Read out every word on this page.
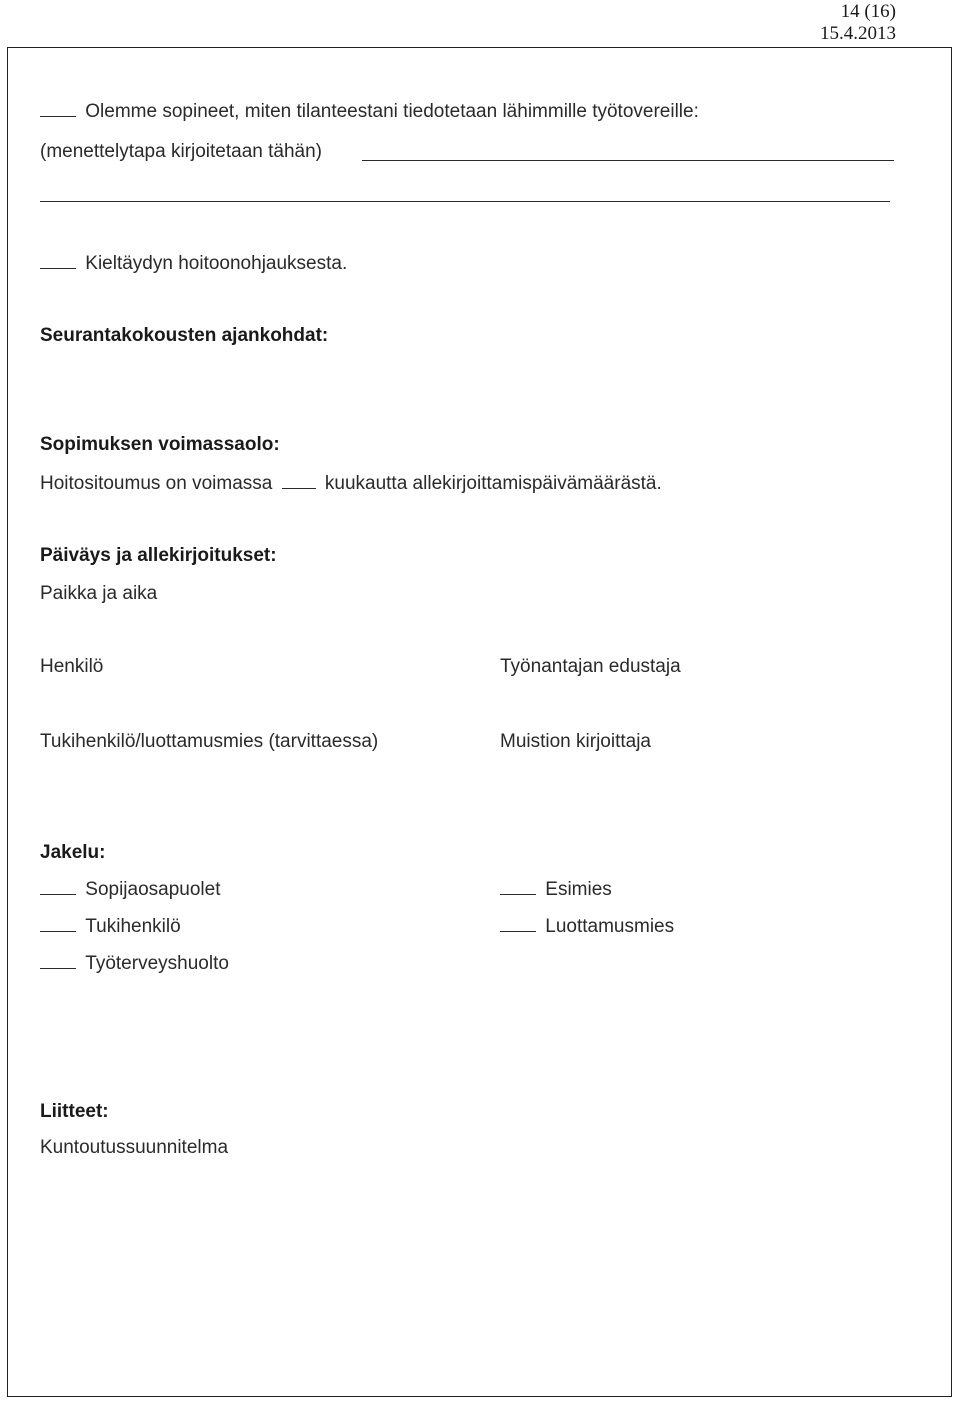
14 (16)
15.4.2013
Olemme sopineet, miten tilanteestani tiedotetaan lähimmille työtovereille:
(menettelytapa kirjoitetaan tähän)
Kieltäydyn hoitoonohjauksesta.
Seurantakokousten ajankohdat:
Sopimuksen voimassaolo:
Hoitositoumus on voimassa	kuukautta allekirjoittamispäivämäärästä.
Päiväys ja allekirjoitukset:
Paikka ja aika
Henkilö	Työnantajan edustaja
Tukihenkilö/luottamusmies (tarvittaessa)	Muistion kirjoittaja
Jakelu:
Sopijaosapuolet
Tukihenkilö
Työterveyshuolto
Esimies
Luottamusmies
Liitteet:
Kuntoutussuunnitelma
